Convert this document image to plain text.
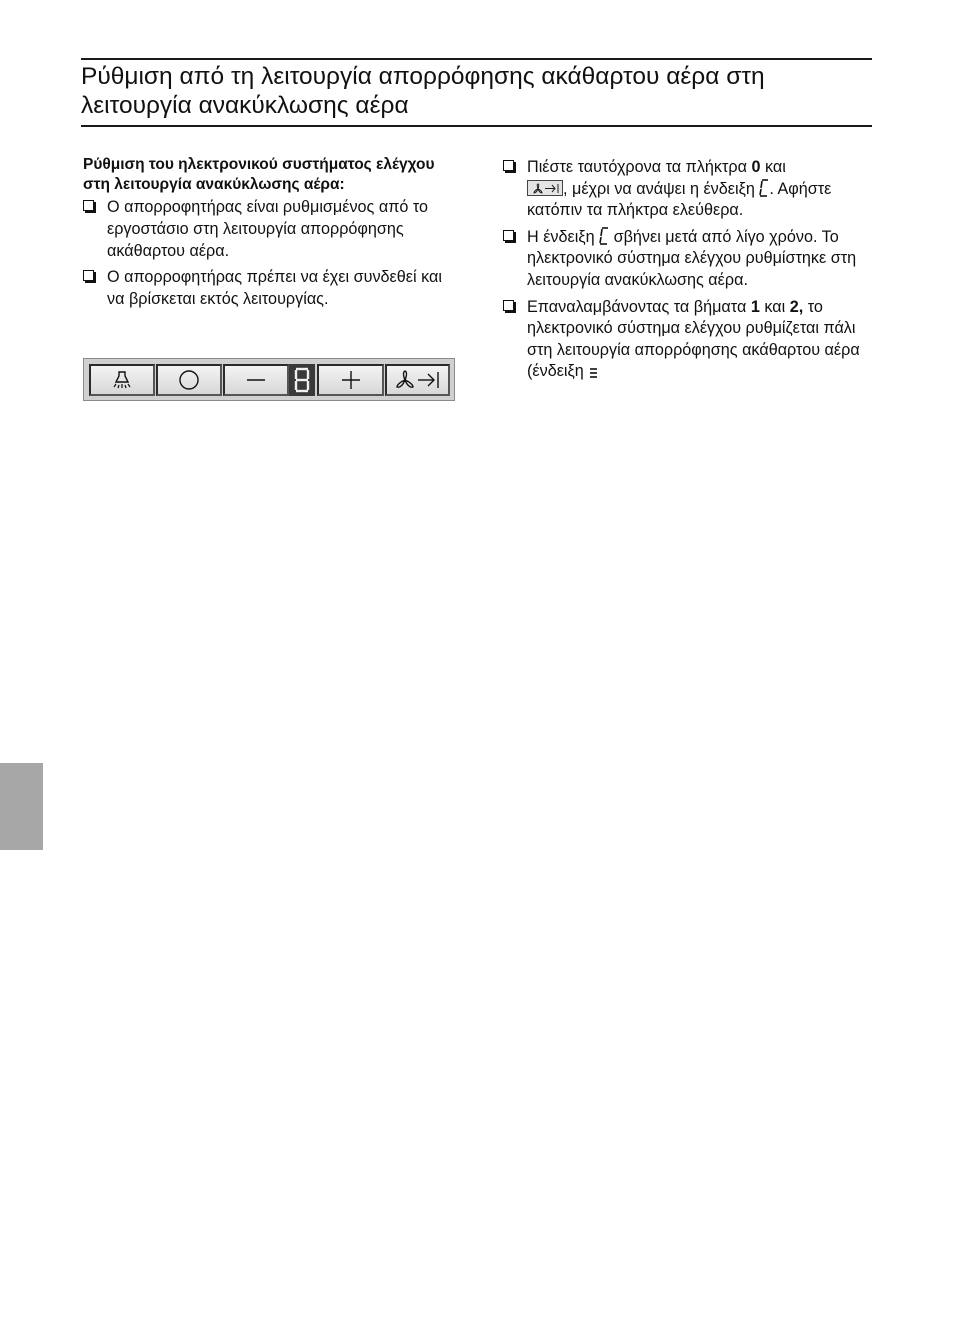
Ρύθμιση από τη λειτουργία απορρόφησης ακάθαρτου αέρα στη λειτουργία ανακύκλωσης αέρα

Ρύθμιση του ηλεκτρονικού συστήματος ελέγχου στη λειτουργία ανακύκλωσης αέρα:

Ο απορροφητήρας είναι ρυθμισμένος από το εργοστάσιο στη λειτουργία απορρόφησης ακάθαρτου αέρα.
Ο απορροφητήρας πρέπει να έχει συνδεθεί και να βρίσκεται εκτός λειτουργίας.
Πιέστε ταυτόχρονα τα πλήκτρα 0 και

, μέχρι να ανάψει η ένδειξη . Αφήστε κατόπιν τα πλήκτρα ελεύθερα.
Η ένδειξη  σβήνει μετά από λίγο χρόνο. Το ηλεκτρονικό σύστημα ελέγχου ρυθμίστηκε στη λειτουργία ανακύκλωσης αέρα.
Επαναλαμβάνοντας τα βήματα 1 και 2, το ηλεκτρονικό σύστημα ελέγχου ρυθμίζεται πάλι στη λειτουργία απορρόφησης ακάθαρτου αέρα (ένδειξη
